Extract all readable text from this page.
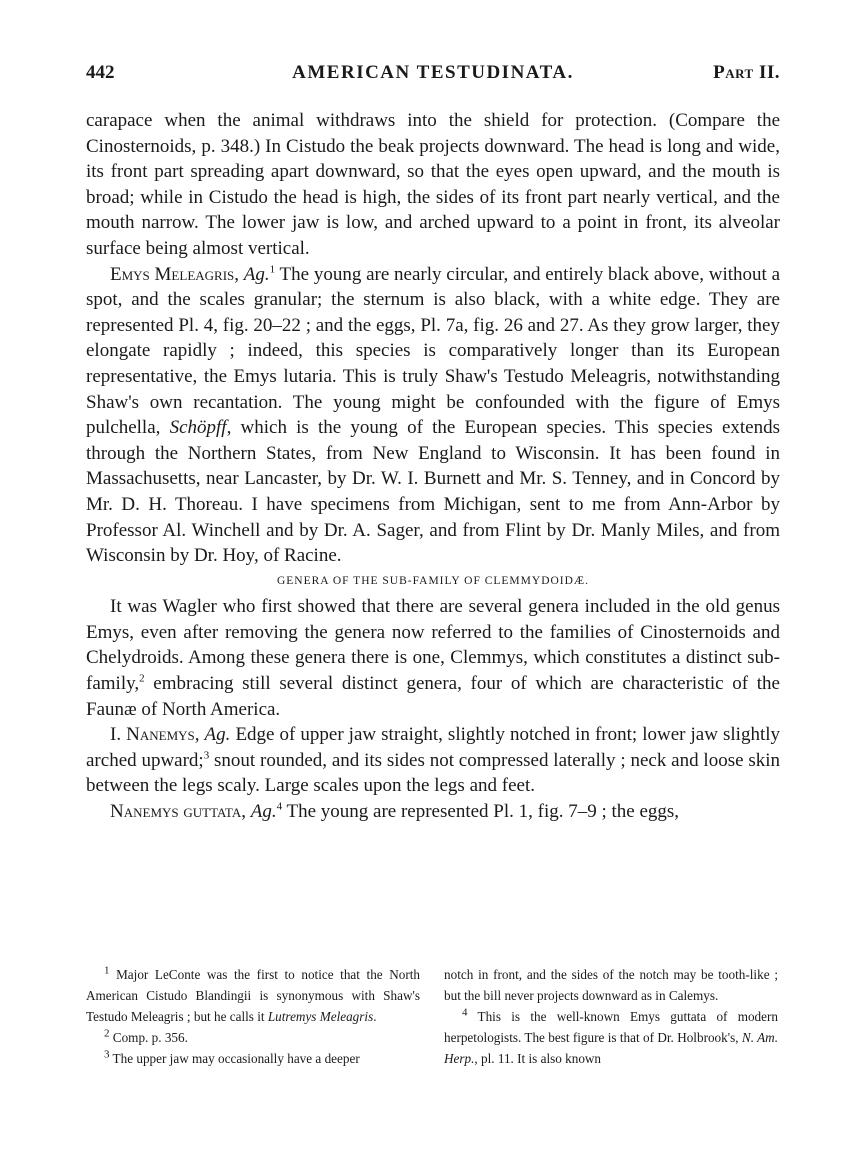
442	AMERICAN TESTUDINATA.	Part II.

carapace when the animal withdraws into the shield for protection. (Compare the Cinosternoids, p. 348.) In Cistudo the beak projects downward. The head is long and wide, its front part spreading apart downward, so that the eyes open upward, and the mouth is broad; while in Cistudo the head is high, the sides of its front part nearly vertical, and the mouth narrow. The lower jaw is low, and arched upward to a point in front, its alveolar surface being almost vertical.

Emys Meleagris, Ag.$^1$ The young are nearly circular, and entirely black above, without a spot, and the scales granular; the sternum is also black, with a white edge. They are represented Pl. 4, fig. 20–22 ; and the eggs, Pl. 7a, fig. 26 and 27. As they grow larger, they elongate rapidly ; indeed, this species is comparatively longer than its European representative, the Emys lutaria. This is truly Shaw's Testudo Meleagris, notwithstanding Shaw's own recantation. The young might be confounded with the figure of Emys pulchella, Schöpff, which is the young of the European species. This species extends through the Northern States, from New England to Wisconsin. It has been found in Massachusetts, near Lancaster, by Dr. W. I. Burnett and Mr. S. Tenney, and in Concord by Mr. D. H. Thoreau. I have specimens from Michigan, sent to me from Ann-Arbor by Professor Al. Winchell and by Dr. A. Sager, and from Flint by Dr. Manly Miles, and from Wisconsin by Dr. Hoy, of Racine.

GENERA OF THE SUB-FAMILY OF CLEMMYDOIDÆ.

It was Wagler who first showed that there are several genera included in the old genus Emys, even after removing the genera now referred to the families of Cinosternoids and Chelydroids. Among these genera there is one, Clemmys, which constitutes a distinct sub-family,$^2$ embracing still several distinct genera, four of which are characteristic of the Faunæ of North America.

I. Nanemys, Ag. Edge of upper jaw straight, slightly notched in front; lower jaw slightly arched upward;$^3$ snout rounded, and its sides not compressed laterally ; neck and loose skin between the legs scaly. Large scales upon the legs and feet.

Nanemys guttata, Ag.$^4$ The young are represented Pl. 1, fig. 7–9 ; the eggs,

$^1$ Major LeConte was the first to notice that the North American Cistudo Blandingii is synonymous with Shaw's Testudo Meleagris ; but he calls it Lutremys Meleagris.

$^2$ Comp. p. 356.

$^3$ The upper jaw may occasionally have a deeper

notch in front, and the sides of the notch may be tooth-like ; but the bill never projects downward as in Calemys.

$^4$ This is the well-known Emys guttata of modern herpetologists. The best figure is that of Dr. Holbrook's, N. Am. Herp., pl. 11. It is also known
